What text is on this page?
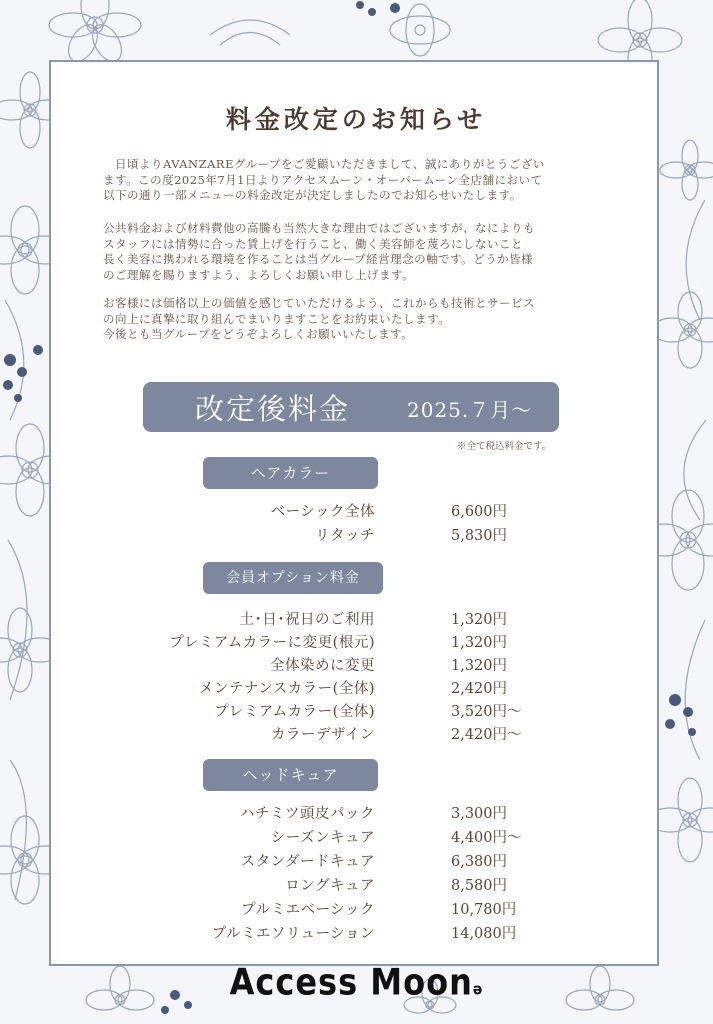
料金改定のお知らせ
　日頃よりAVANZAREグループをご愛顧いただきまして、誠にありがとうござい
ます。この度2025年7月1日よりアクセスムーン・オーバームーン全店舗において
以下の通り一部メニューの料金改定が決定しましたのでお知らせいたします。
公共料金および材料費他の高騰も当然大きな理由ではございますが、なによりも
スタッフには情勢に合った賃上げを行うこと、働く美容師を蔑ろにしないこと
長く美容に携われる環境を作ることは当グループ経営理念の軸です。どうか皆様
のご理解を賜りますよう、よろしくお願い申し上げます。
お客様には価格以上の価値を感じていただけるよう、これからも技術とサービス
の向上に真摯に取り組んでまいりますことをお約束いたします。
今後とも当グループをどうぞよろしくお願いいたします。
改定後料金	2025.７月〜
※全て税込料金です。
ヘアカラー
ベーシック全体	6,600円
リタッチ	5,830円
会員オプション料金
土･日･祝日のご利用	1,320円
プレミアムカラーに変更(根元)	1,320円
全体染めに変更	1,320円
メンテナンスカラー(全体)	2,420円
プレミアムカラー(全体)	3,520円〜
カラーデザイン	2,420円〜
ヘッドキュア
ハチミツ頭皮パック	3,300円
シーズンキュア	4,400円〜
スタンダードキュア	6,380円
ロングキュア	8,580円
プルミエベーシック	10,780円
プルミエソリューション	14,080円
Access Moonə
